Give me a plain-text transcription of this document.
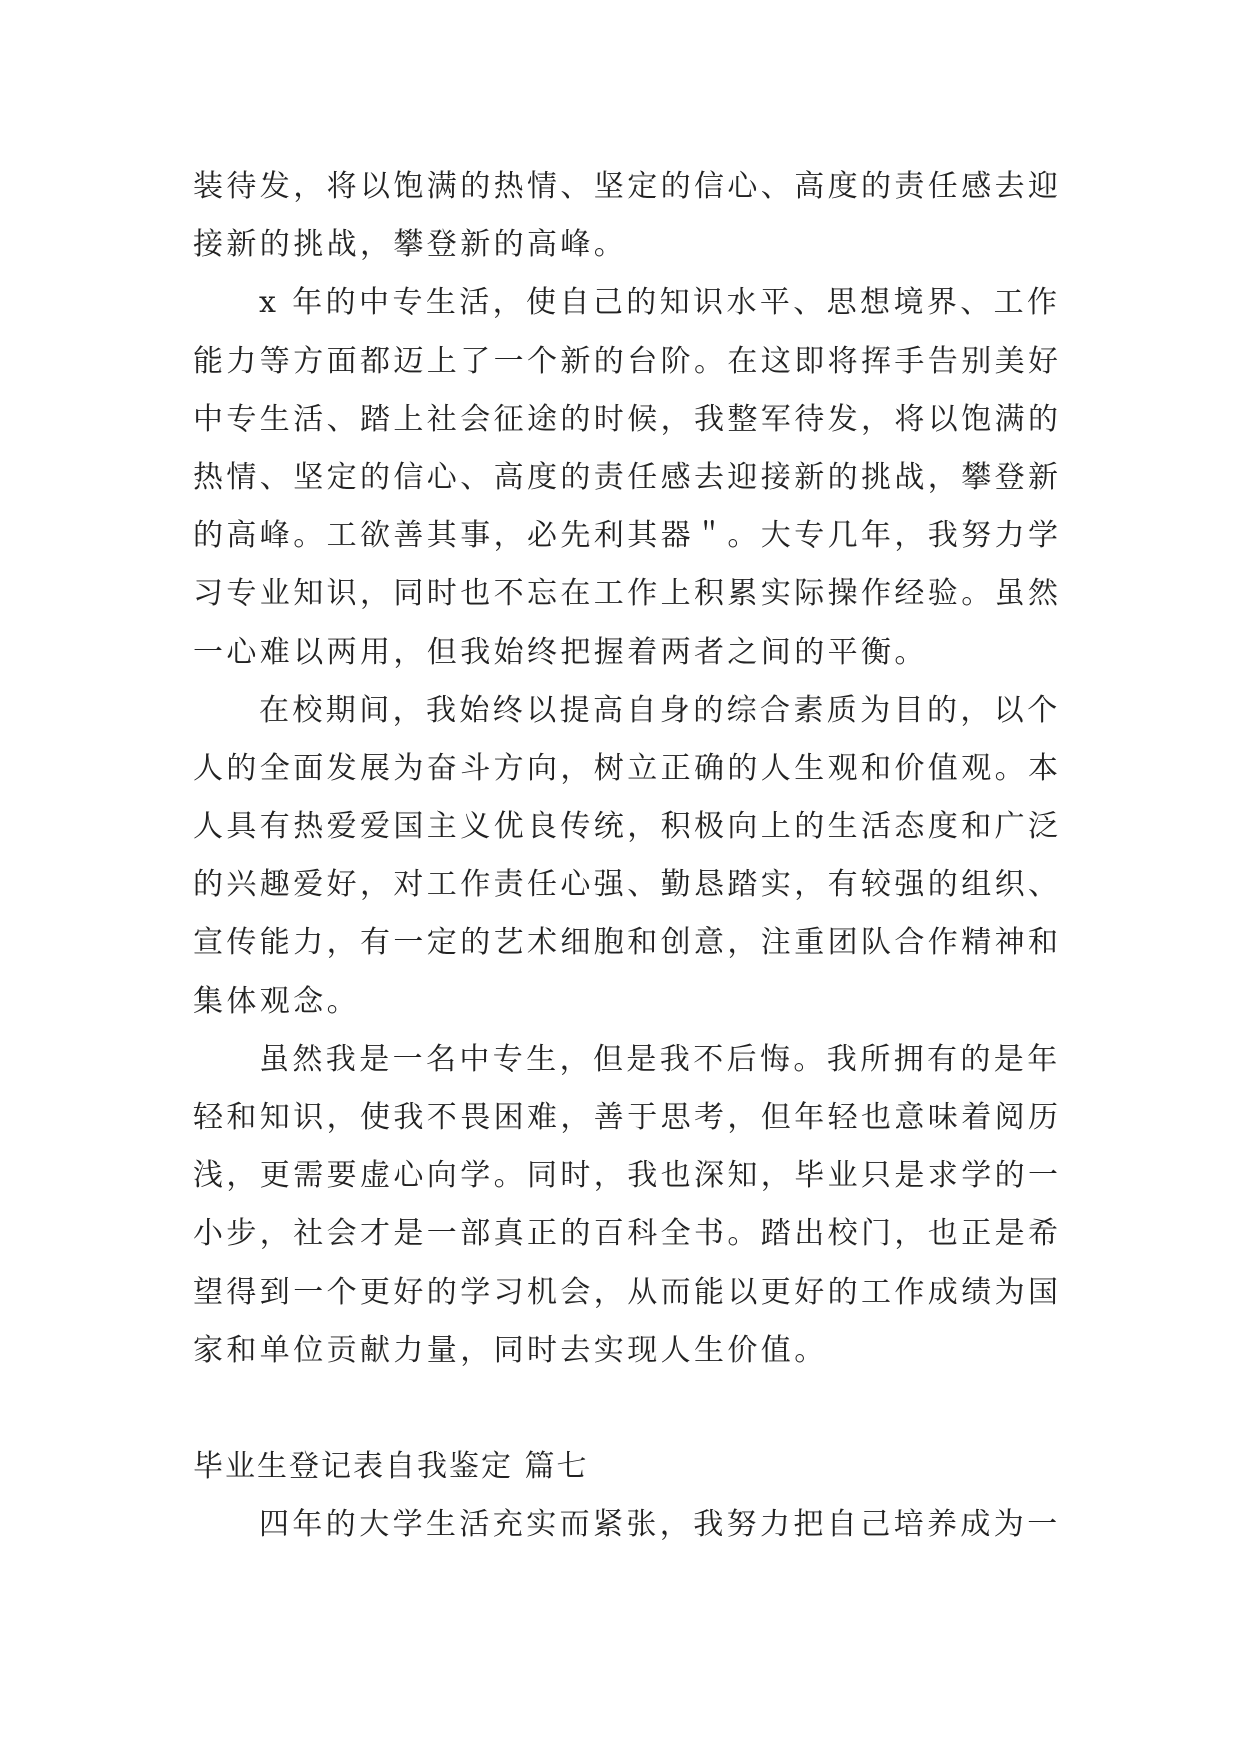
装待发，将以饱满的热情、坚定的信心、高度的责任感去迎
接新的挑战，攀登新的高峰。
x 年的中专生活，使自己的知识水平、思想境界、工作
能力等方面都迈上了一个新的台阶。在这即将挥手告别美好
中专生活、踏上社会征途的时候，我整军待发，将以饱满的
热情、坚定的信心、高度的责任感去迎接新的挑战，攀登新
的高峰。工欲善其事，必先利其器＂。大专几年，我努力学
习专业知识，同时也不忘在工作上积累实际操作经验。虽然
一心难以两用，但我始终把握着两者之间的平衡。
在校期间，我始终以提高自身的综合素质为目的，以个
人的全面发展为奋斗方向，树立正确的人生观和价值观。本
人具有热爱爱国主义优良传统，积极向上的生活态度和广泛
的兴趣爱好，对工作责任心强、勤恳踏实，有较强的组织、
宣传能力，有一定的艺术细胞和创意，注重团队合作精神和
集体观念。
虽然我是一名中专生，但是我不后悔。我所拥有的是年
轻和知识，使我不畏困难，善于思考，但年轻也意味着阅历
浅，更需要虚心向学。同时，我也深知，毕业只是求学的一
小步，社会才是一部真正的百科全书。踏出校门，也正是希
望得到一个更好的学习机会，从而能以更好的工作成绩为国
家和单位贡献力量，同时去实现人生价值。
毕业生登记表自我鉴定 篇七
四年的大学生活充实而紧张，我努力把自己培养成为一
